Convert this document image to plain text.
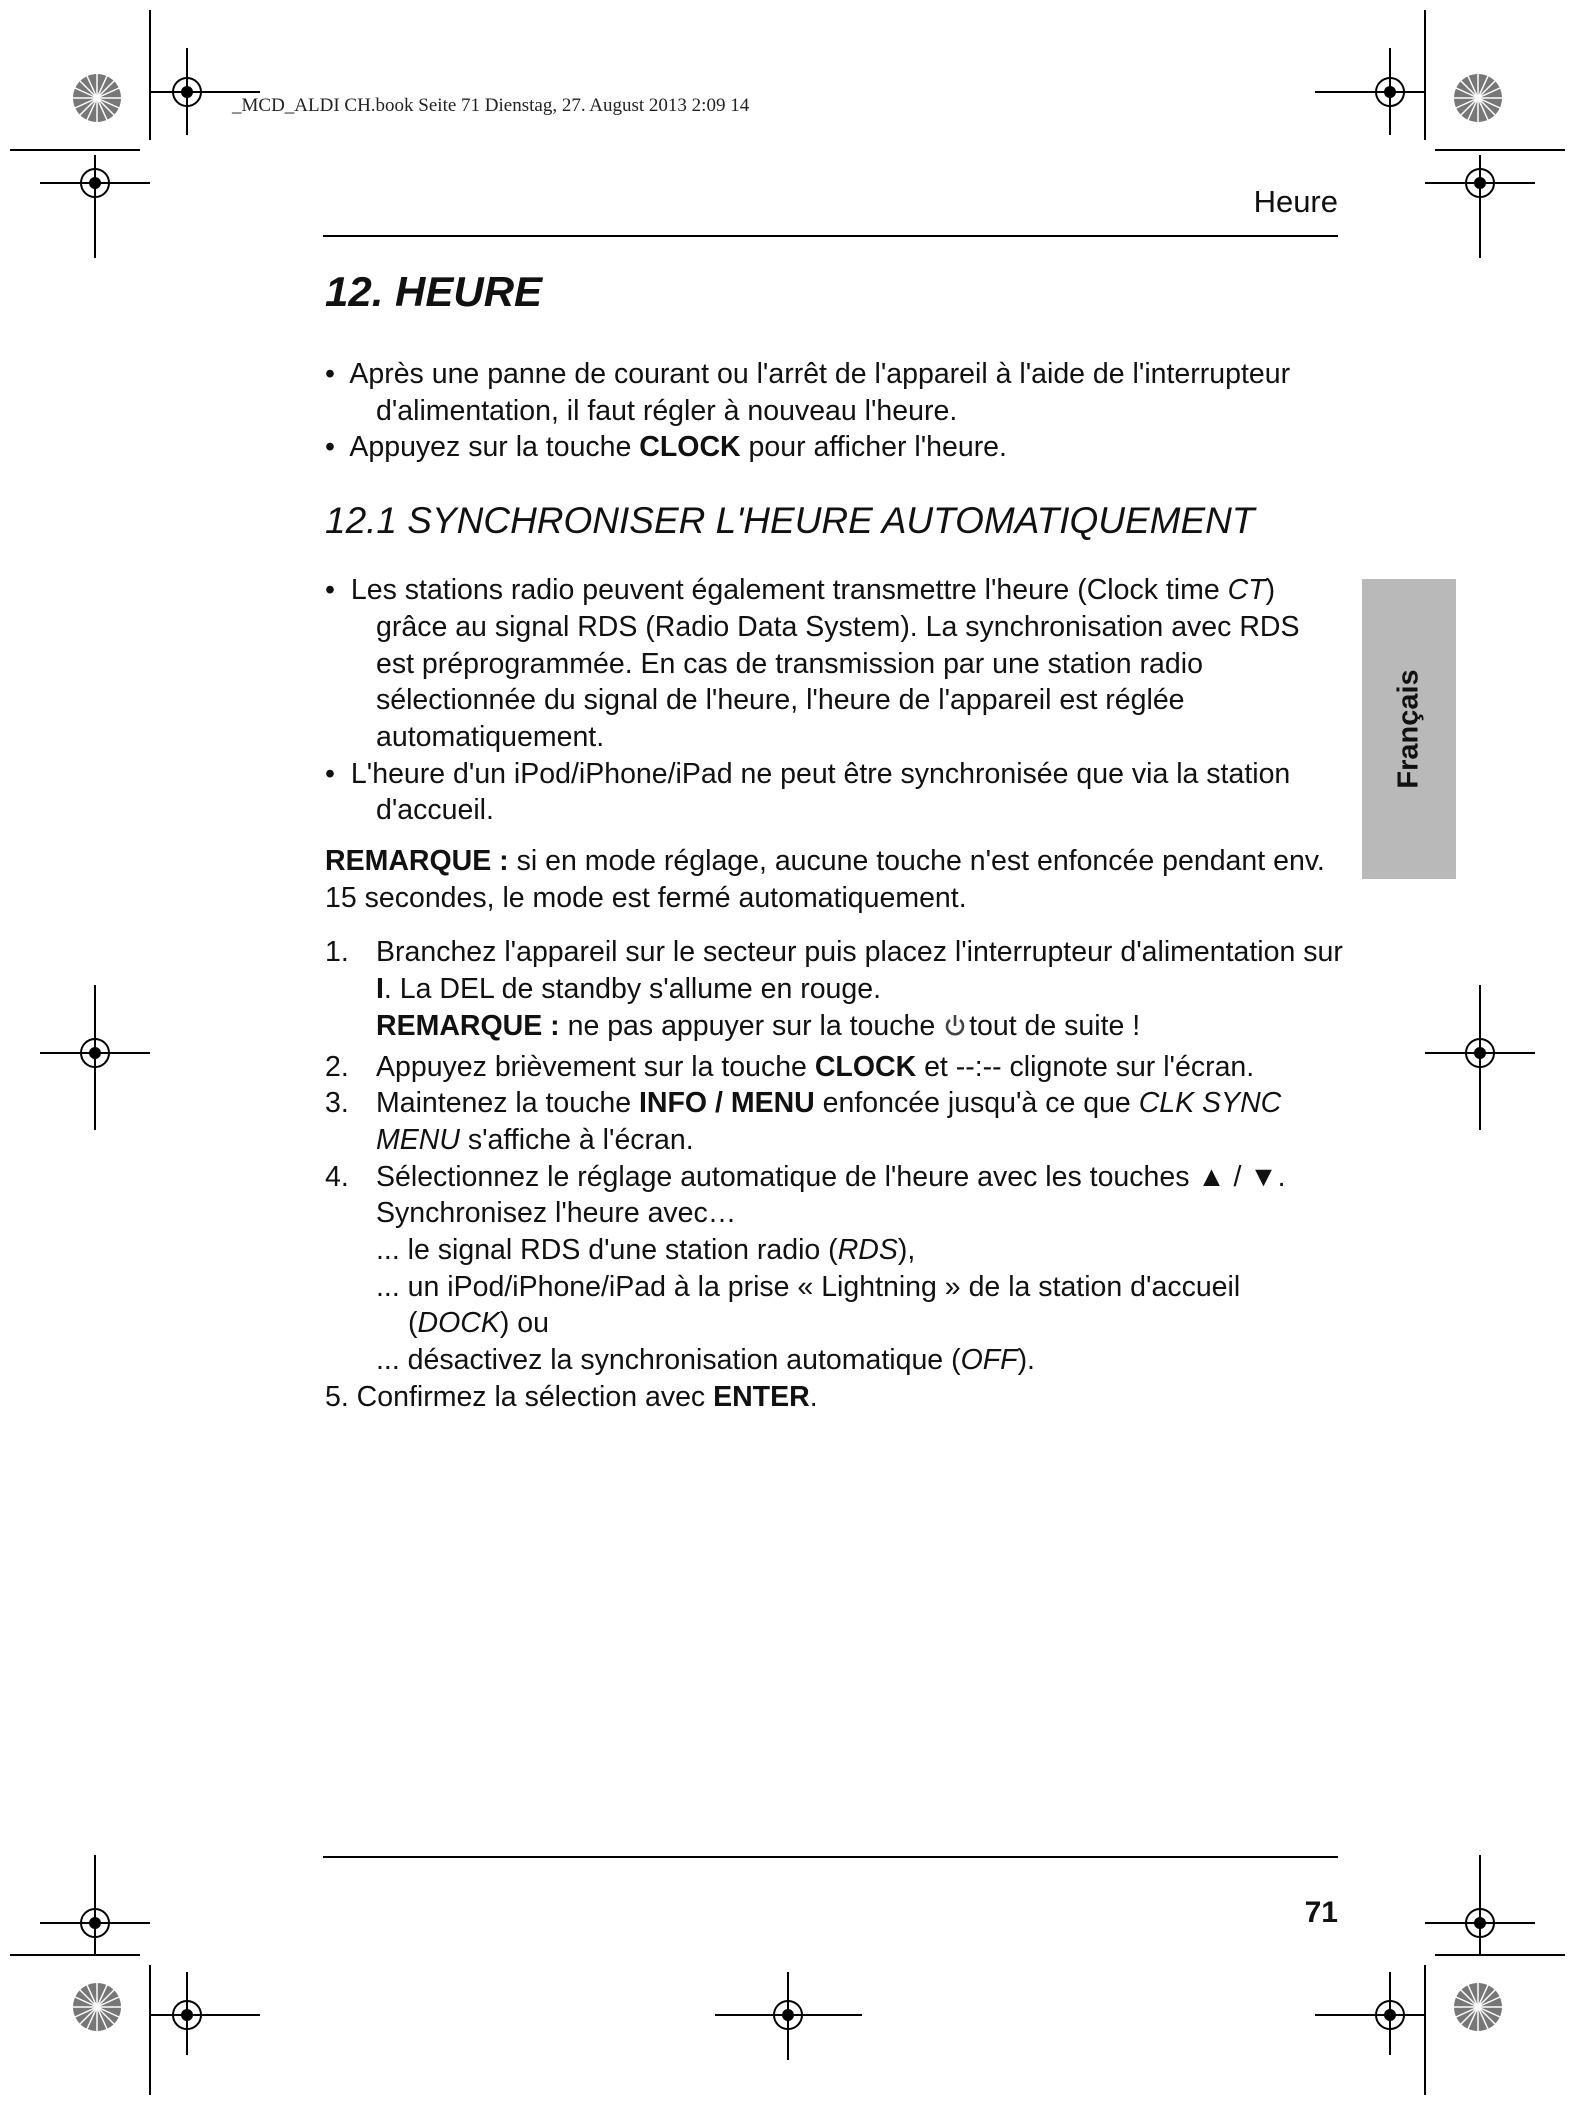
_MCD_ALDI CH.book Seite 71 Dienstag, 27. August 2013 2:09 14
Heure
Français
12. HEURE
• Après une panne de courant ou l'arrêt de l'appareil à l'aide de l'interrupteur d'alimentation, il faut régler à nouveau l'heure.
• Appuyez sur la touche CLOCK pour afficher l'heure.
12.1 SYNCHRONISER L'HEURE AUTOMATIQUEMENT
• Les stations radio peuvent également transmettre l'heure (Clock time CT) grâce au signal RDS (Radio Data System). La synchronisation avec RDS est préprogrammée. En cas de transmission par une station radio sélectionnée du signal de l'heure, l'heure de l'appareil est réglée automatiquement.
• L'heure d'un iPod/iPhone/iPad ne peut être synchronisée que via la station d'accueil.

REMARQUE : si en mode réglage, aucune touche n'est enfoncée pendant env. 15 secondes, le mode est fermé automatiquement.

1. Branchez l'appareil sur le secteur puis placez l'interrupteur d'alimentation sur I. La DEL de standby s'allume en rouge.
REMARQUE : ne pas appuyer sur la touche tout de suite !
2. Appuyez brièvement sur la touche CLOCK et --:-- clignote sur l'écran.
3. Maintenez la touche INFO / MENU enfoncée jusqu'à ce que CLK SYNC MENU s'affiche à l'écran.
4. Sélectionnez le réglage automatique de l'heure avec les touches ▲ / ▼.
Synchronisez l'heure avec…
... le signal RDS d'une station radio (RDS),
... un iPod/iPhone/iPad à la prise « Lightning » de la station d'accueil (DOCK) ou
... désactivez la synchronisation automatique (OFF).
5. Confirmez la sélection avec ENTER.
71
